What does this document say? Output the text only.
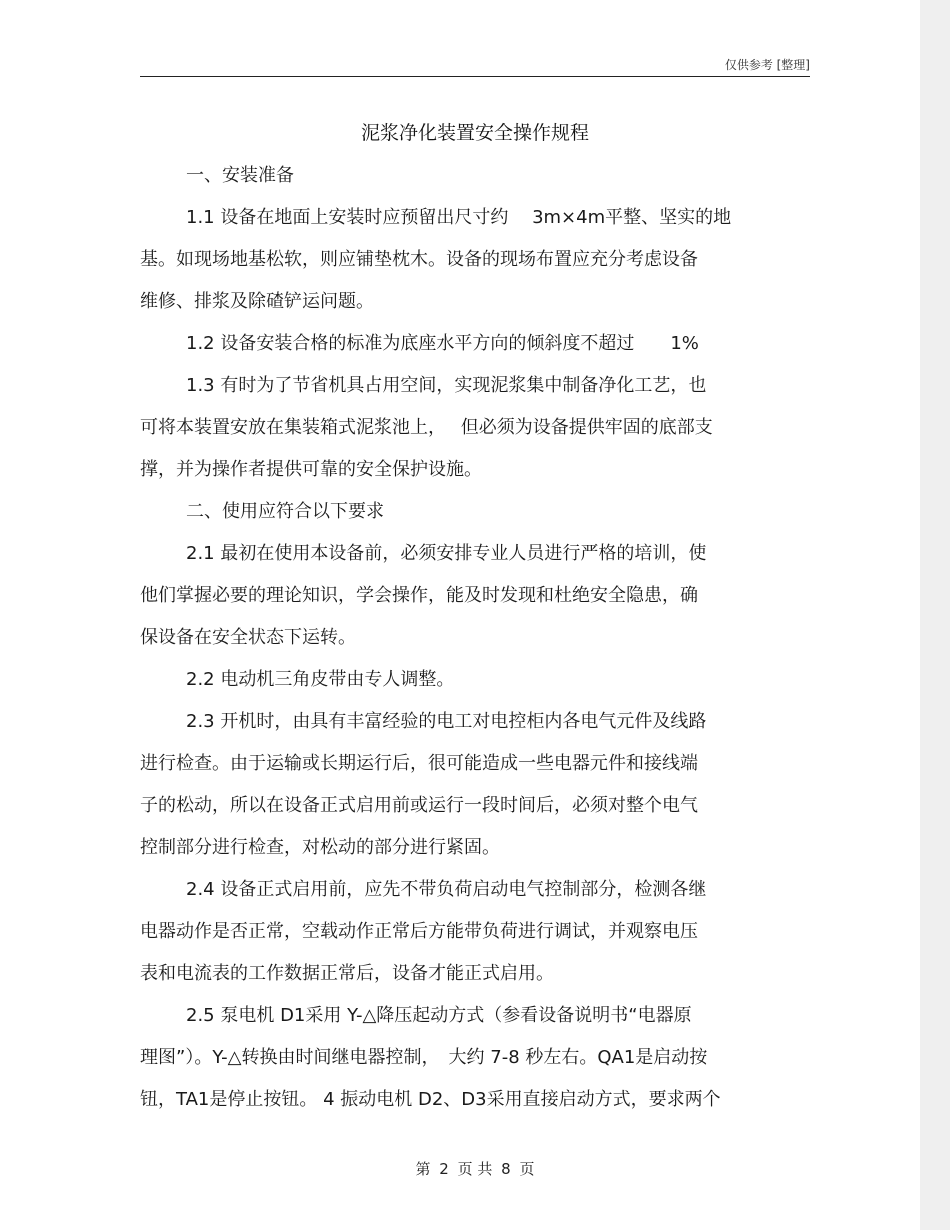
仅供参考 [整理]
泥浆净化装置安全操作规程
一、安装准备
1.1 设备在地面上安装时应预留出尺寸约　 3m×4m平整、坚实的地
基。如现场地基松软，则应铺垫枕木。设备的现场布置应充分考虑设备
维修、排浆及除碴铲运问题。
1.2 设备安装合格的标准为底座水平方向的倾斜度不超过　　1%
1.3 有时为了节省机具占用空间，实现泥浆集中制备净化工艺，也
可将本装置安放在集装箱式泥浆池上，　 但必须为设备提供牢固的底部支
撑，并为操作者提供可靠的安全保护设施。
二、使用应符合以下要求
2.1 最初在使用本设备前，必须安排专业人员进行严格的培训，使
他们掌握必要的理论知识，学会操作，能及时发现和杜绝安全隐患，确
保设备在安全状态下运转。
2.2 电动机三角皮带由专人调整。
2.3 开机时，由具有丰富经验的电工对电控柜内各电气元件及线路
进行检查。由于运输或长期运行后，很可能造成一些电器元件和接线端
子的松动，所以在设备正式启用前或运行一段时间后，必须对整个电气
控制部分进行检查，对松动的部分进行紧固。
2.4 设备正式启用前，应先不带负荷启动电气控制部分，检测各继
电器动作是否正常，空载动作正常后方能带负荷进行调试，并观察电压
表和电流表的工作数据正常后，设备才能正式启用。
2.5 泵电机 D1采用 Y-△降压起动方式（参看设备说明书“电器原
理图”）。Y-△转换由时间继电器控制，　大约 7-8 秒左右。QA1是启动按
钮，TA1是停止按钮。 4 振动电机 D2、D3采用直接启动方式，要求两个
第 2 页 共 8 页
